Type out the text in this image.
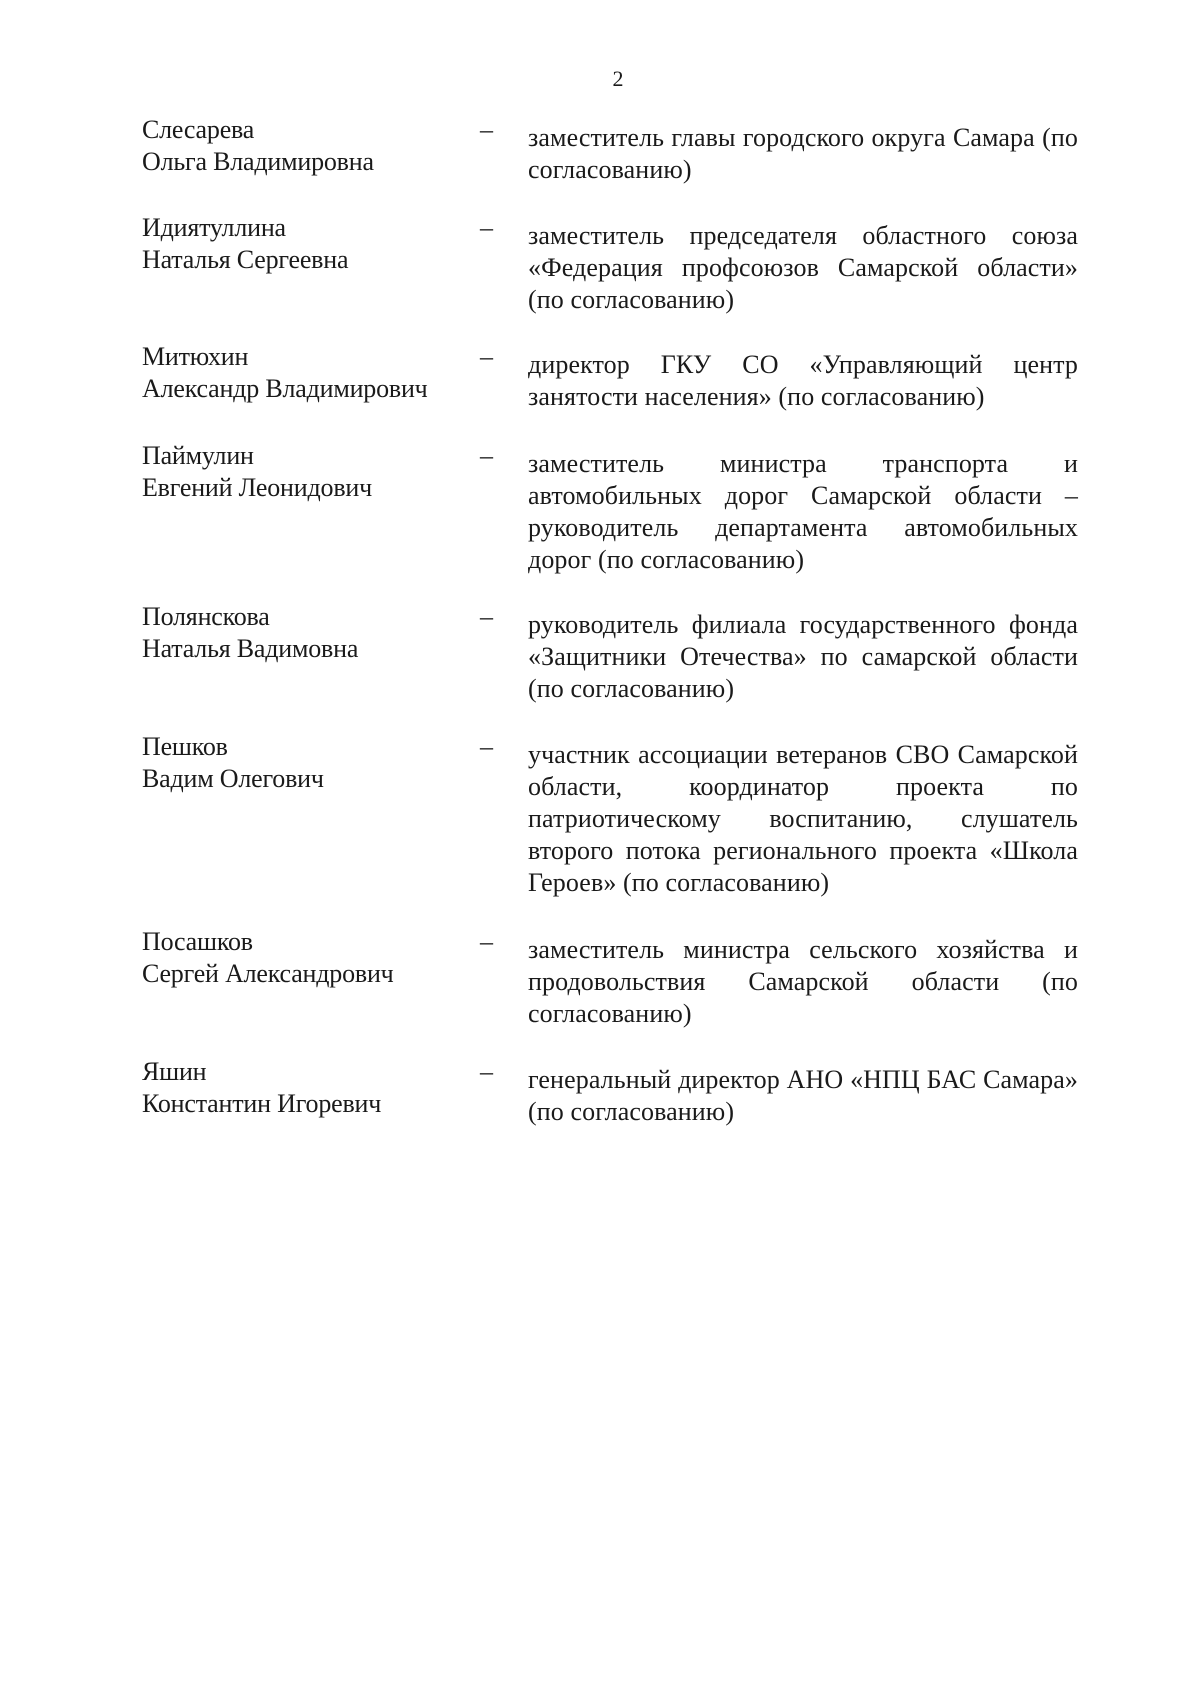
2
Слесарева
Ольга Владимировна
– заместитель главы городского округа Самара (по согласованию)
Идиятуллина
Наталья Сергеевна
– заместитель председателя областного союза «Федерация профсоюзов Самарской области» (по согласованию)
Митюхин
Александр Владимирович
– директор ГКУ СО «Управляющий центр занятости населения» (по согласованию)
Паймулин
Евгений Леонидович
– заместитель министра транспорта и автомобильных дорог Самарской области – руководитель департамента автомобильных дорог (по согласованию)
Полянскова
Наталья Вадимовна
– руководитель филиала государственного фонда «Защитники Отечества» по самарской области (по согласованию)
Пешков
Вадим Олегович
– участник ассоциации ветеранов СВО Самарской области, координатор проекта по патриотическому воспитанию, слушатель второго потока регионального проекта «Школа Героев» (по согласованию)
Посашков
Сергей Александрович
– заместитель министра сельского хозяйства и продовольствия Самарской области (по согласованию)
Яшин
Константин Игоревич
– генеральный директор АНО «НПЦ БАС Самара» (по согласованию)
